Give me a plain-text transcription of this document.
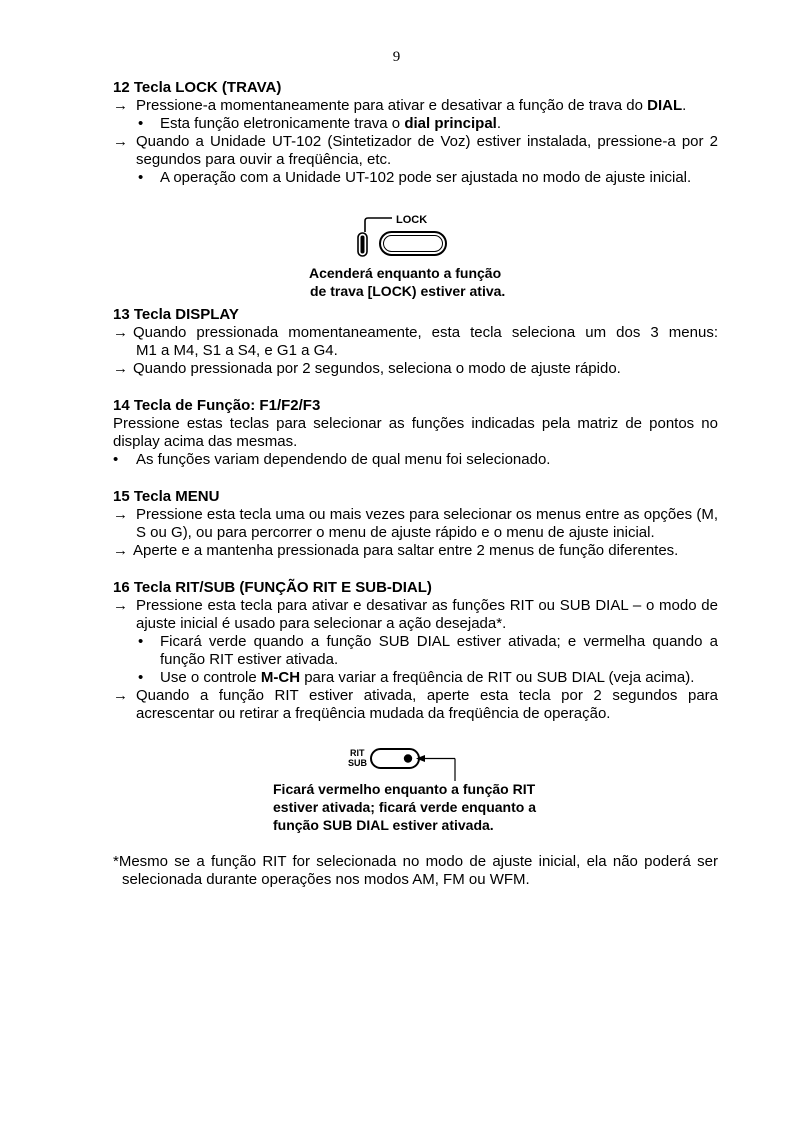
9

12 Tecla LOCK (TRAVA)

→ Pressione-a momentaneamente para ativar e desativar a função de trava do DIAL.

• Esta função eletronicamente trava o dial principal.

→ Quando a Unidade UT-102 (Sintetizador de Voz) estiver instalada, pressione-a por 2 segundos para ouvir a freqüência, etc.

• A operação com a Unidade UT-102 pode ser ajustada no modo de ajuste inicial.

LOCK
Acenderá enquanto a função
de trava [LOCK) estiver ativa.

13 Tecla DISPLAY

→ Quando pressionada momentaneamente, esta tecla seleciona um dos 3 menus:
M1 a M4, S1 a S4, e G1 a G4.

→ Quando pressionada por 2 segundos, seleciona o modo de ajuste rápido.

14 Tecla de Função: F1/F2/F3

Pressione estas teclas para selecionar as funções indicadas pela matriz de pontos no display acima das mesmas.

• As funções variam dependendo de qual menu foi selecionado.

15 Tecla MENU

→ Pressione esta tecla uma ou mais vezes para selecionar os menus entre as opções (M, S ou G), ou para percorrer o menu de ajuste rápido e o menu de ajuste inicial.

→ Aperte e a mantenha pressionada para saltar entre 2 menus de função diferentes.

16 Tecla RIT/SUB (FUNÇÃO RIT E SUB-DIAL)

→ Pressione esta tecla para ativar e desativar as funções RIT ou SUB DIAL – o modo de ajuste inicial é usado para selecionar a ação desejada*.

• Ficará verde quando a função SUB DIAL estiver ativada; e vermelha quando a função RIT estiver ativada.

• Use o controle M-CH para variar a freqüência de RIT ou SUB DIAL (veja acima).

→ Quando a função RIT estiver ativada, aperte esta tecla por 2 segundos para acrescentar ou retirar a freqüência mudada da freqüência de operação.

RIT
SUB
Ficará vermelho enquanto a função RIT
estiver ativada; ficará verde enquanto a
função SUB DIAL estiver ativada.

*Mesmo se a função RIT for selecionada no modo de ajuste inicial, ela não poderá ser selecionada durante operações nos modos AM, FM ou WFM.
